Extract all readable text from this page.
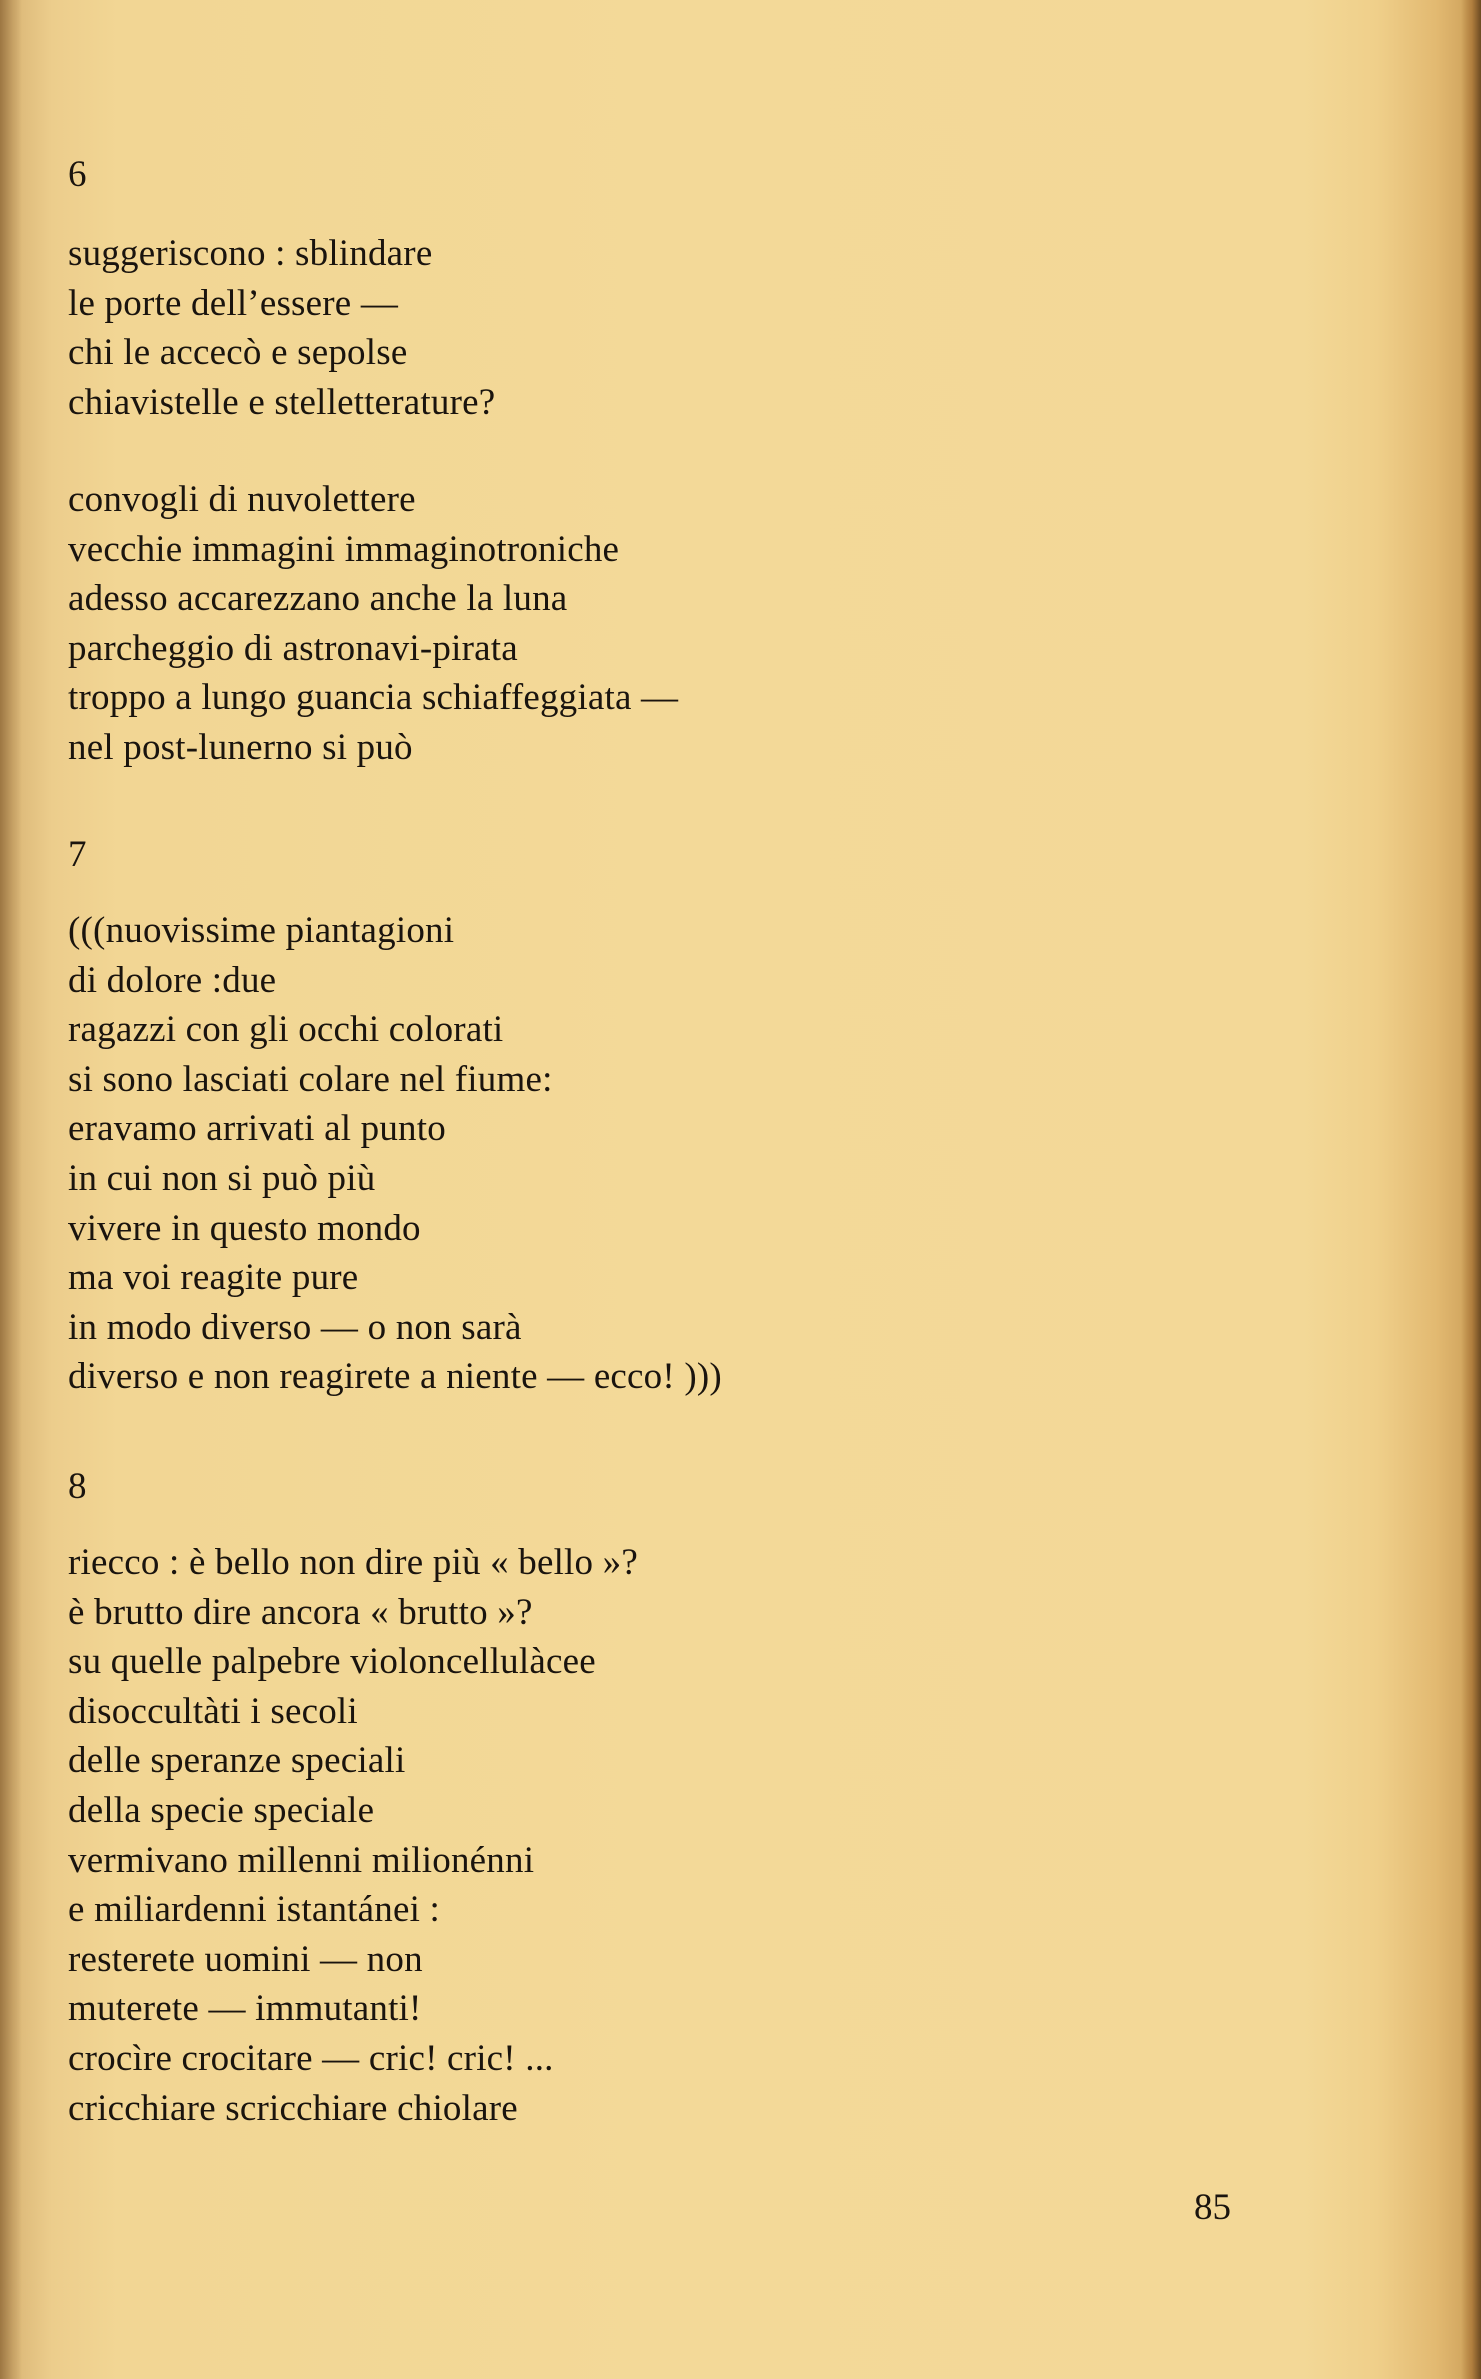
6
suggeriscono : sblindare
le porte dell’essere —
chi le accecò e sepolse
chiavistelle e stelletterature?
convogli di nuvolettere
vecchie immagini immaginotroniche
adesso accarezzano anche la luna
parcheggio di astronavi-pirata
troppo a lungo guancia schiaffeggiata —
nel post-lunerno si può
7
(((nuovissime piantagioni
di dolore :due
ragazzi con gli occhi colorati
si sono lasciati colare nel fiume:
eravamo arrivati al punto
in cui non si può più
vivere in questo mondo
ma voi reagite pure
in modo diverso — o non sarà
diverso e non reagirete a niente — ecco! )))
8
riecco : è bello non dire più « bello »?
è brutto dire ancora « brutto »?
su quelle palpebre violoncellulàcee
disoccultàti i secoli
delle speranze speciali
della specie speciale
vermivano millenni milionénni
e miliardenni istantánei :
resterete uomini — non
muterete — immutanti!
crocìre crocitare — cric! cric! ...
cricchiare scricchiare chiolare
85
